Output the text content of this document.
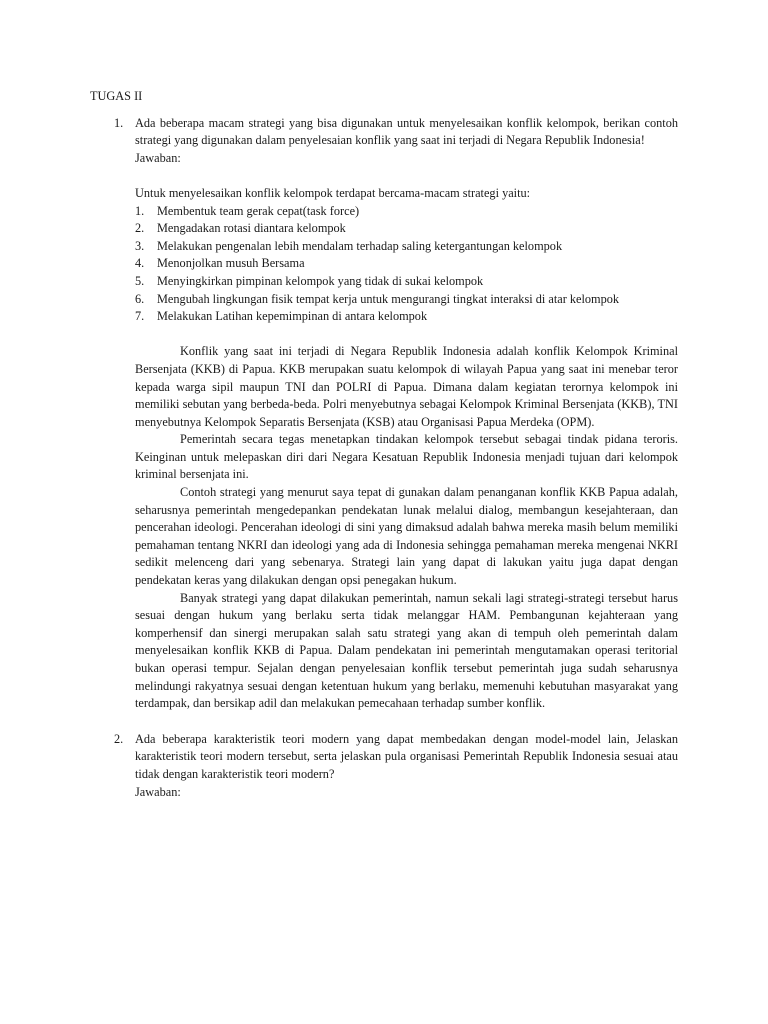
TUGAS II
1. Ada beberapa macam strategi yang bisa digunakan untuk menyelesaikan konflik kelompok, berikan contoh strategi yang digunakan dalam penyelesaian konflik yang saat ini terjadi di Negara Republik Indonesia!
Jawaban:
Untuk menyelesaikan konflik kelompok terdapat bercama-macam strategi yaitu:
1. Membentuk team gerak cepat(task force)
2. Mengadakan rotasi diantara kelompok
3. Melakukan pengenalan lebih mendalam terhadap saling ketergantungan kelompok
4. Menonjolkan musuh Bersama
5. Menyingkirkan pimpinan kelompok yang tidak di sukai kelompok
6. Mengubah lingkungan fisik tempat kerja untuk mengurangi tingkat interaksi di atar kelompok
7. Melakukan Latihan kepemimpinan di antara kelompok

Konflik yang saat ini terjadi di Negara Republik Indonesia adalah konflik Kelompok Kriminal Bersenjata (KKB) di Papua. KKB merupakan suatu kelompok di wilayah Papua yang saat ini menebar teror kepada warga sipil maupun TNI dan POLRI di Papua. Dimana dalam kegiatan terornya kelompok ini memiliki sebutan yang berbeda-beda. Polri menyebutnya sebagai Kelompok Kriminal Bersenjata (KKB), TNI menyebutnya Kelompok Separatis Bersenjata (KSB) atau Organisasi Papua Merdeka (OPM).

Pemerintah secara tegas menetapkan tindakan kelompok tersebut sebagai tindak pidana teroris. Keinginan untuk melepaskan diri dari Negara Kesatuan Republik Indonesia menjadi tujuan dari kelompok kriminal bersenjata ini.

Contoh strategi yang menurut saya tepat di gunakan dalam penanganan konflik KKB Papua adalah, seharusnya pemerintah mengedepankan pendekatan lunak melalui dialog, membangun kesejahteraan, dan pencerahan ideologi. Pencerahan ideologi di sini yang dimaksud adalah bahwa mereka masih belum memiliki pemahaman tentang NKRI dan ideologi yang ada di Indonesia sehingga pemahaman mereka mengenai NKRI sedikit melenceng dari yang sebenarya. Strategi lain yang dapat di lakukan yaitu juga dapat dengan pendekatan keras yang dilakukan dengan opsi penegakan hukum.

Banyak strategi yang dapat dilakukan pemerintah, namun sekali lagi strategi-strategi tersebut harus sesuai dengan hukum yang berlaku serta tidak melanggar HAM. Pembangunan kejahteraan yang komperhensif dan sinergi merupakan salah satu strategi yang akan di tempuh oleh pemerintah dalam menyelesaikan konflik KKB di Papua. Dalam pendekatan ini pemerintah mengutamakan operasi teritorial bukan operasi tempur. Sejalan dengan penyelesaian konflik tersebut pemerintah juga sudah seharusnya melindungi rakyatnya sesuai dengan ketentuan hukum yang berlaku, memenuhi kebutuhan masyarakat yang terdampak, dan bersikap adil dan melakukan pemecahaan terhadap sumber konflik.

2. Ada beberapa karakteristik teori modern yang dapat membedakan dengan model-model lain, Jelaskan karakteristik teori modern tersebut, serta jelaskan pula organisasi Pemerintah Republik Indonesia sesuai atau tidak dengan karakteristik teori modern?
Jawaban:
